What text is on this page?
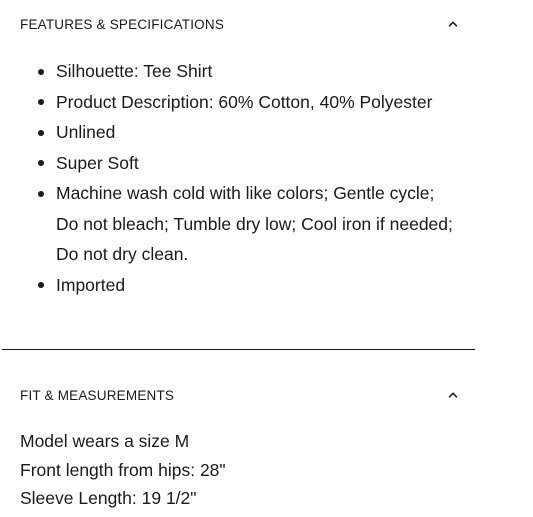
FEATURES & SPECIFICATIONS
Silhouette: Tee Shirt
Product Description: 60% Cotton, 40% Polyester
Unlined
Super Soft
Machine wash cold with like colors; Gentle cycle; Do not bleach; Tumble dry low; Cool iron if needed; Do not dry clean.
Imported
FIT & MEASUREMENTS
Model wears a size M
Front length from hips: 28"
Sleeve Length: 19 1/2"
